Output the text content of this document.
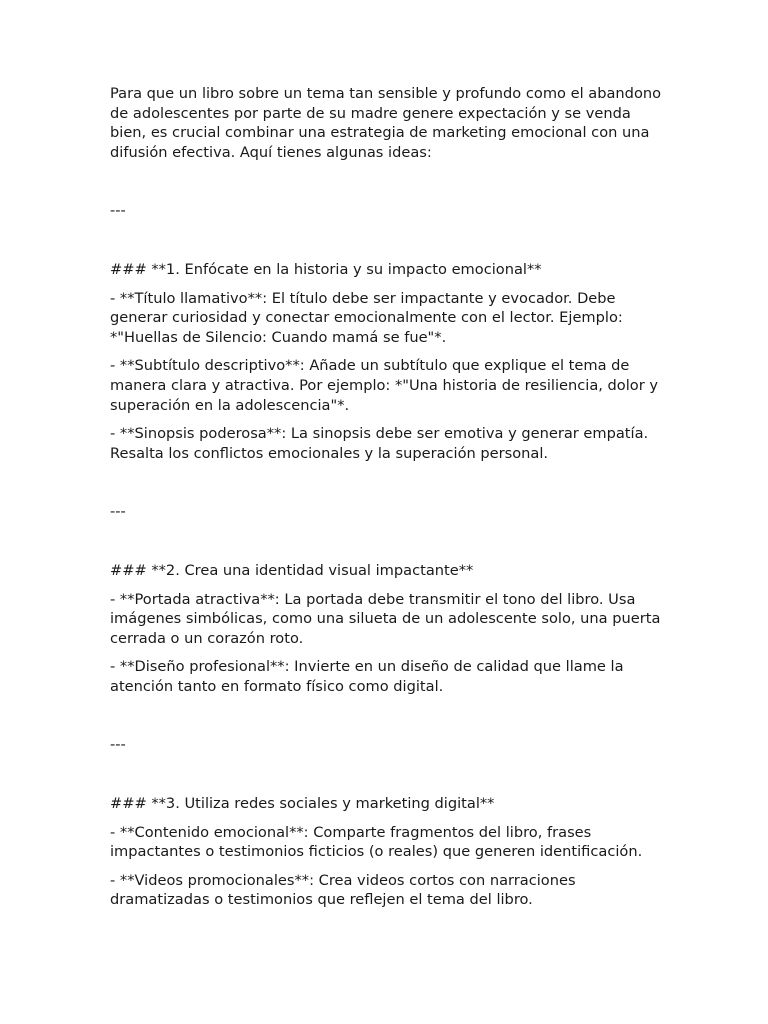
Para que un libro sobre un tema tan sensible y profundo como el abandono de adolescentes por parte de su madre genere expectación y se venda bien, es crucial combinar una estrategia de marketing emocional con una difusión efectiva. Aquí tienes algunas ideas:

---

### **1. Enfócate en la historia y su impacto emocional**

- **Título llamativo**: El título debe ser impactante y evocador. Debe generar curiosidad y conectar emocionalmente con el lector. Ejemplo: *"Huellas de Silencio: Cuando mamá se fue"*.

- **Subtítulo descriptivo**: Añade un subtítulo que explique el tema de manera clara y atractiva. Por ejemplo: *"Una historia de resiliencia, dolor y superación en la adolescencia"*.

- **Sinopsis poderosa**: La sinopsis debe ser emotiva y generar empatía. Resalta los conflictos emocionales y la superación personal.

---

### **2. Crea una identidad visual impactante**

- **Portada atractiva**: La portada debe transmitir el tono del libro. Usa imágenes simbólicas, como una silueta de un adolescente solo, una puerta cerrada o un corazón roto.

- **Diseño profesional**: Invierte en un diseño de calidad que llame la atención tanto en formato físico como digital.

---

### **3. Utiliza redes sociales y marketing digital**

- **Contenido emocional**: Comparte fragmentos del libro, frases impactantes o testimonios ficticios (o reales) que generen identificación.

- **Videos promocionales**: Crea videos cortos con narraciones dramatizadas o testimonios que reflejen el tema del libro.
